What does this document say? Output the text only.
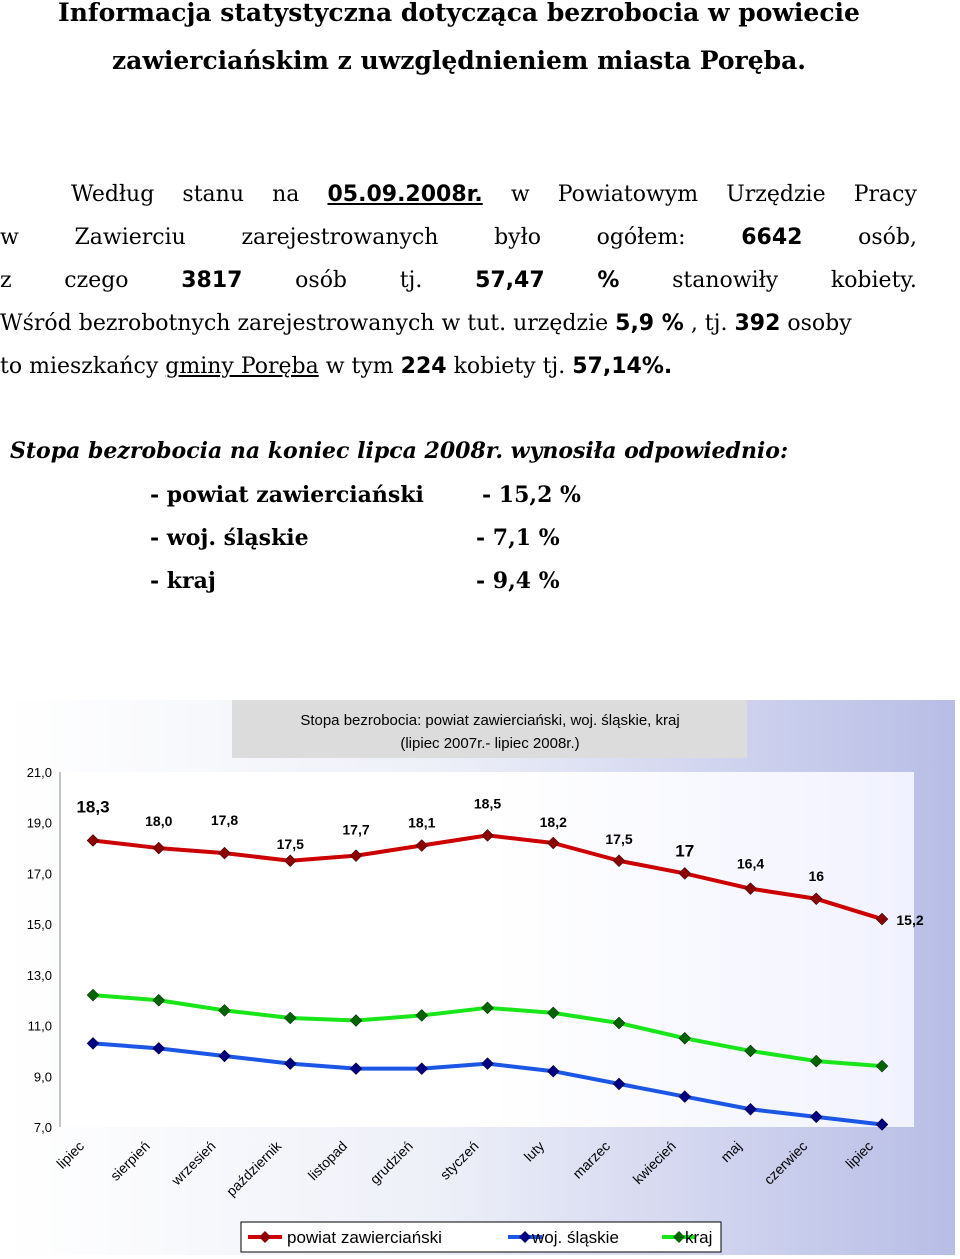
Informacja statystyczna dotycząca bezrobocia w powiecie
zawierciańskim z uwzględnieniem miasta Poręba.
Według stanu na 05.09.2008r. w Powiatowym Urzędzie Pracy
w	Zawierciu	zarejestrowanych	było	ogółem:	6642	osób,
z czego 3817 osób tj. 57,47 % stanowiły kobiety.
Wśród bezrobotnych zarejestrowanych w tut. urzędzie 5,9 % , tj. 392 osoby
to mieszkańcy gminy Poręba w tym 224 kobiety tj. 57,14%.
Stopa bezrobocia na koniec lipca 2008r. wynosiła odpowiednio:
- powiat zawierciański	- 15,2 %
- woj. śląskie	- 7,1 %
- kraj	- 9,4 %
Stopa bezrobocia: powiat zawierciański, woj. śląskie, kraj
(lipiec 2007r.- lipiec 2008r.)
7,0
9,0
11,0
13,0
15,0
17,0
19,0
21,0
lipiec sierpień wrzesień październik listopad grudzień styczeń	luty marzec kwiecień	maj czerwiec lipiec
18,3
18,0	17,8
17,5
17,7	18,1
18,5
18,2
17,5
17
16,4
16
15,2
powiat zawierciański	woj. śląskie	kraj
